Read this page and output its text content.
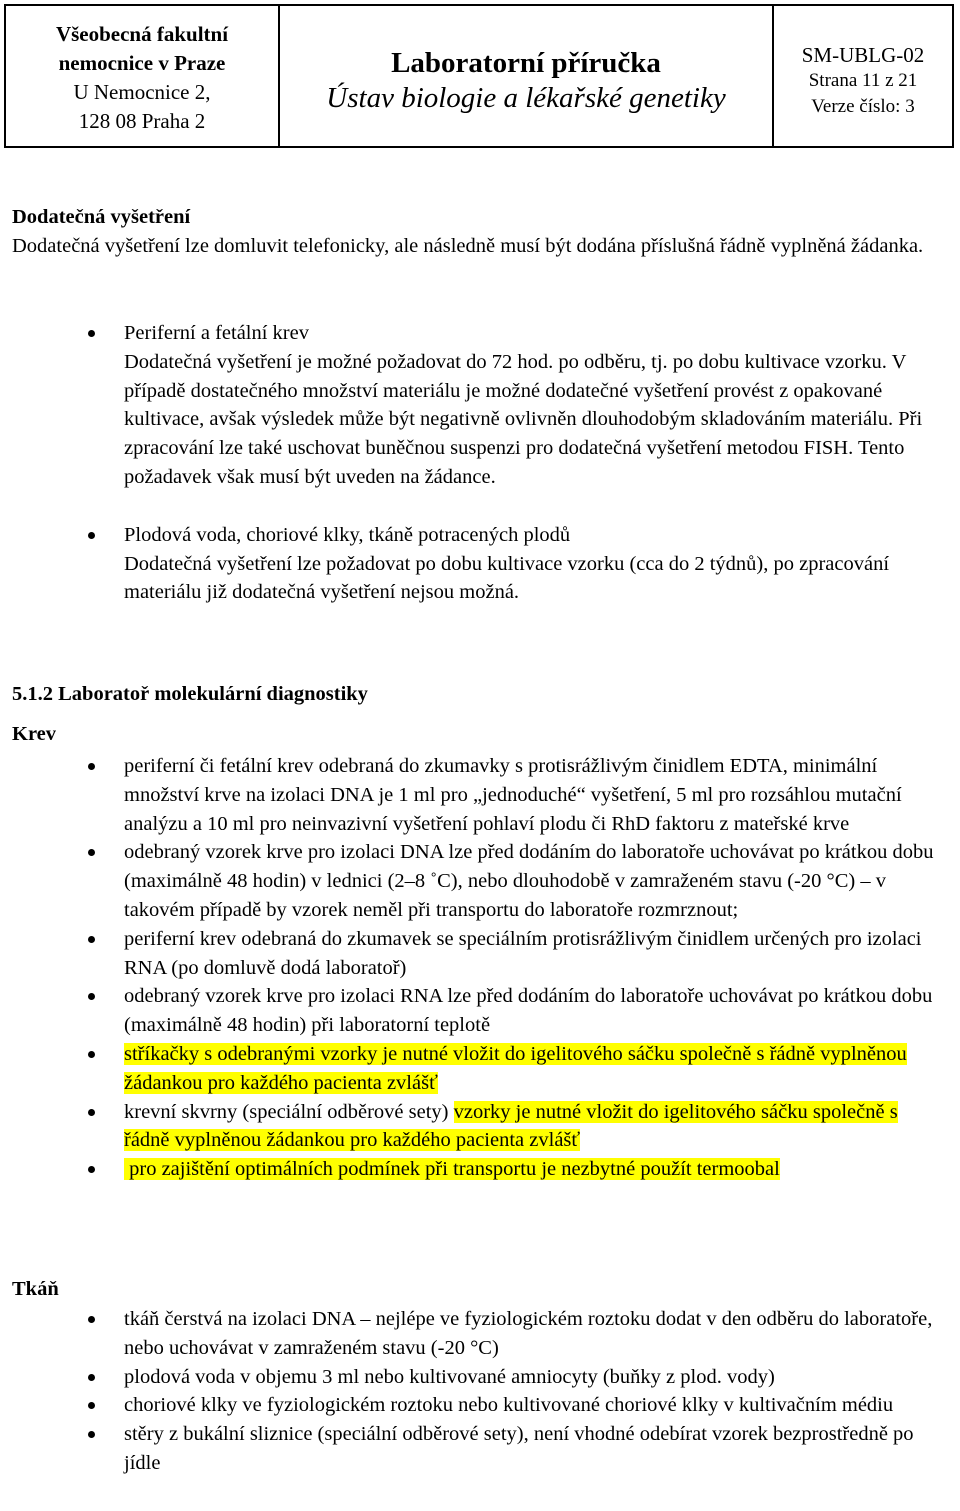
Všeobecná fakultní
nemocnice v Praze
U Nemocnice 2,
128 08 Praha 2
Laboratorní příručka
Ústav biologie a lékařské genetiky
SM-UBLG-02
Strana 11 z 21
Verze číslo: 3
Dodatečná vyšetření
Dodatečná vyšetření lze domluvit telefonicky, ale následně musí být dodána příslušná řádně vyplněná žádanka.
Periferní a fetální krev
Dodatečná vyšetření je možné požadovat do 72 hod. po odběru, tj. po dobu kultivace vzorku. V případě dostatečného množství materiálu je možné dodatečné vyšetření provést z opakované kultivace, avšak výsledek může být negativně ovlivněn dlouhodobým skladováním materiálu. Při zpracování lze také uschovat buněčnou suspenzi pro dodatečná vyšetření metodou FISH. Tento požadavek však musí být uveden na žádance.
Plodová voda, choriové klky, tkáně potracených plodů
Dodatečná vyšetření lze požadovat po dobu kultivace vzorku (cca do 2 týdnů), po zpracování materiálu již dodatečná vyšetření nejsou možná.
5.1.2 Laboratoř molekulární diagnostiky
Krev
periferní či fetální krev odebraná do zkumavky s protisrážlivým činidlem EDTA, minimální množství krve na izolaci DNA je 1 ml pro „jednoduché“ vyšetření, 5 ml pro rozsáhlou mutační analýzu a 10 ml pro neinvazivní vyšetření pohlaví plodu či RhD faktoru z mateřské krve
odebraný vzorek krve pro izolaci DNA lze před dodáním do laboratoře uchovávat po krátkou dobu (maximálně 48 hodin) v lednici (2–8 ˚C), nebo dlouhodobě v zamraženém stavu (-20 °C) – v takovém případě by vzorek neměl při transportu do laboratoře rozmrznout;
periferní krev odebraná do zkumavek se speciálním protisrážlivým činidlem určených pro izolaci RNA (po domluvě dodá laboratoř)
odebraný vzorek krve pro izolaci RNA lze před dodáním do laboratoře uchovávat po krátkou dobu (maximálně 48 hodin) při laboratorní teplotě
stříkačky s odebranými vzorky je nutné vložit do igelitového sáčku společně s řádně vyplněnou žádankou pro každého pacienta zvlášť
krevní skvrny (speciální odběrové sety) vzorky je nutné vložit do igelitového sáčku společně s řádně vyplněnou žádankou pro každého pacienta zvlášť
pro zajištění optimálních podmínek při transportu je nezbytné použít termoobal
Tkáň
tkáň čerstvá na izolaci DNA – nejlépe ve fyziologickém roztoku dodat v den odběru do laboratoře, nebo uchovávat v zamraženém stavu (-20 °C)
plodová voda v objemu 3 ml nebo kultivované amniocyty (buňky z plod. vody)
choriové klky ve fyziologickém roztoku nebo kultivované choriové klky v kultivačním médiu
stěry z bukální sliznice (speciální odběrové sety), není vhodné odebírat vzorek bezprostředně po jídle
